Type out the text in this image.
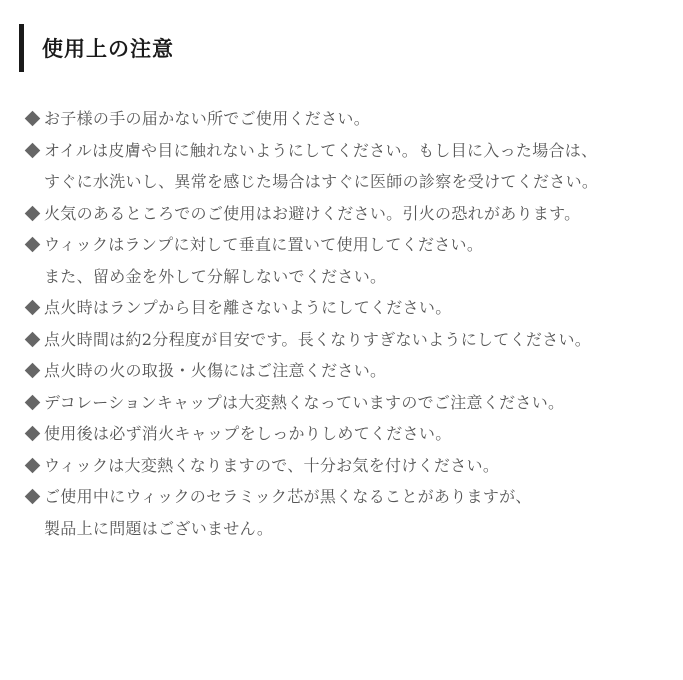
使用上の注意
お子様の手の届かない所でご使用ください。
オイルは皮膚や目に触れないようにしてください。もし目に入った場合は、
すぐに水洗いし、異常を感じた場合はすぐに医師の診察を受けてください。
火気のあるところでのご使用はお避けください。引火の恐れがあります。
ウィックはランプに対して垂直に置いて使用してください。
また、留め金を外して分解しないでください。
点火時はランプから目を離さないようにしてください。
点火時間は約2分程度が目安です。長くなりすぎないようにしてください。
点火時の火の取扱・火傷にはご注意ください。
デコレーションキャップは大変熱くなっていますのでご注意ください。
使用後は必ず消火キャップをしっかりしめてください。
ウィックは大変熱くなりますので、十分お気を付けください。
ご使用中にウィックのセラミック芯が黒くなることがありますが、
製品上に問題はございません。
